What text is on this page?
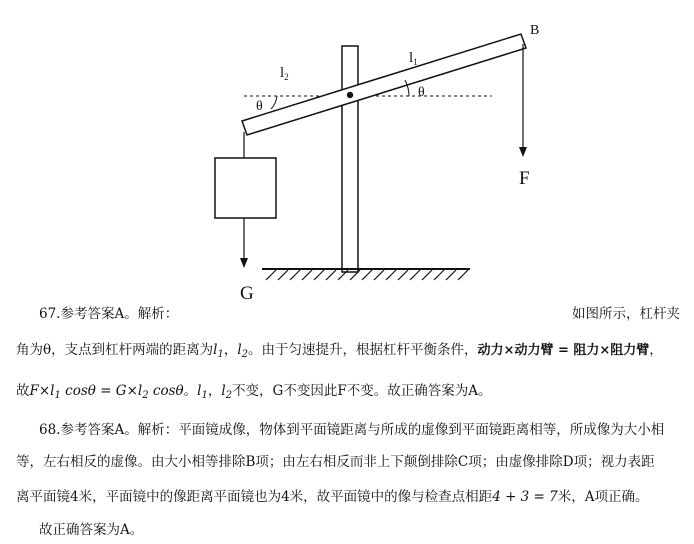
B
F
G
$l_1$
$l_2$
θ
θ
67.参考答案A。解析：	如图所示，杠杆夹
角为θ，支点到杠杆两端的距离为$l_1$，$l_2$。由于匀速提升，根据杠杆平衡条件，动力×动力臂 = 阻力×阻力臂，
故$F\times l_1$ $\cos\theta = G\times l_2$ cosθ。$l_1$，$l_2$不变，G不变因此F不变。故正确答案为A。
68.参考答案A。解析：平面镜成像，物体到平面镜距离与所成的虚像到平面镜距离相等，所成像为大小相
等，左右相反的虚像。由大小相等排除B项；由左右相反而非上下颠倒排除C项；由虚像排除D项；视力表距
离平面镜4米，平面镜中的像距离平面镜也为4米，故平面镜中的像与检查点相距4 + 3 = 7米，A项正确。
故正确答案为A。
